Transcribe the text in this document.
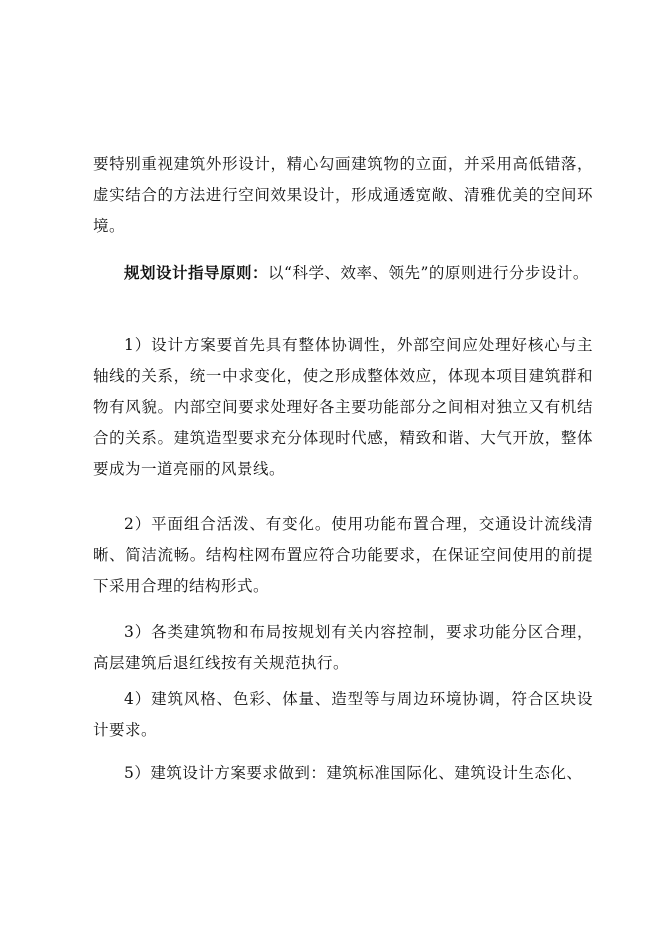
要特别重视建筑外形设计，精心勾画建筑物的立面，并采用高低错落，虚实结合的方法进行空间效果设计，形成通透宽敞、清雅优美的空间环境。

规划设计指导原则：以“科学、效率、领先”的原则进行分步设计。

1）设计方案要首先具有整体协调性，外部空间应处理好核心与主轴线的关系，统一中求变化，使之形成整体效应，体现本项目建筑群和物有风貌。内部空间要求处理好各主要功能部分之间相对独立又有机结合的关系。建筑造型要求充分体现时代感，精致和谐、大气开放，整体要成为一道亮丽的风景线。

2）平面组合活泼、有变化。使用功能布置合理，交通设计流线清晰、简洁流畅。结构柱网布置应符合功能要求，在保证空间使用的前提下采用合理的结构形式。

3）各类建筑物和布局按规划有关内容控制，要求功能分区合理，高层建筑后退红线按有关规范执行。

4）建筑风格、色彩、体量、造型等与周边环境协调，符合区块设计要求。

5）建筑设计方案要求做到：建筑标准国际化、建筑设计生态化、
